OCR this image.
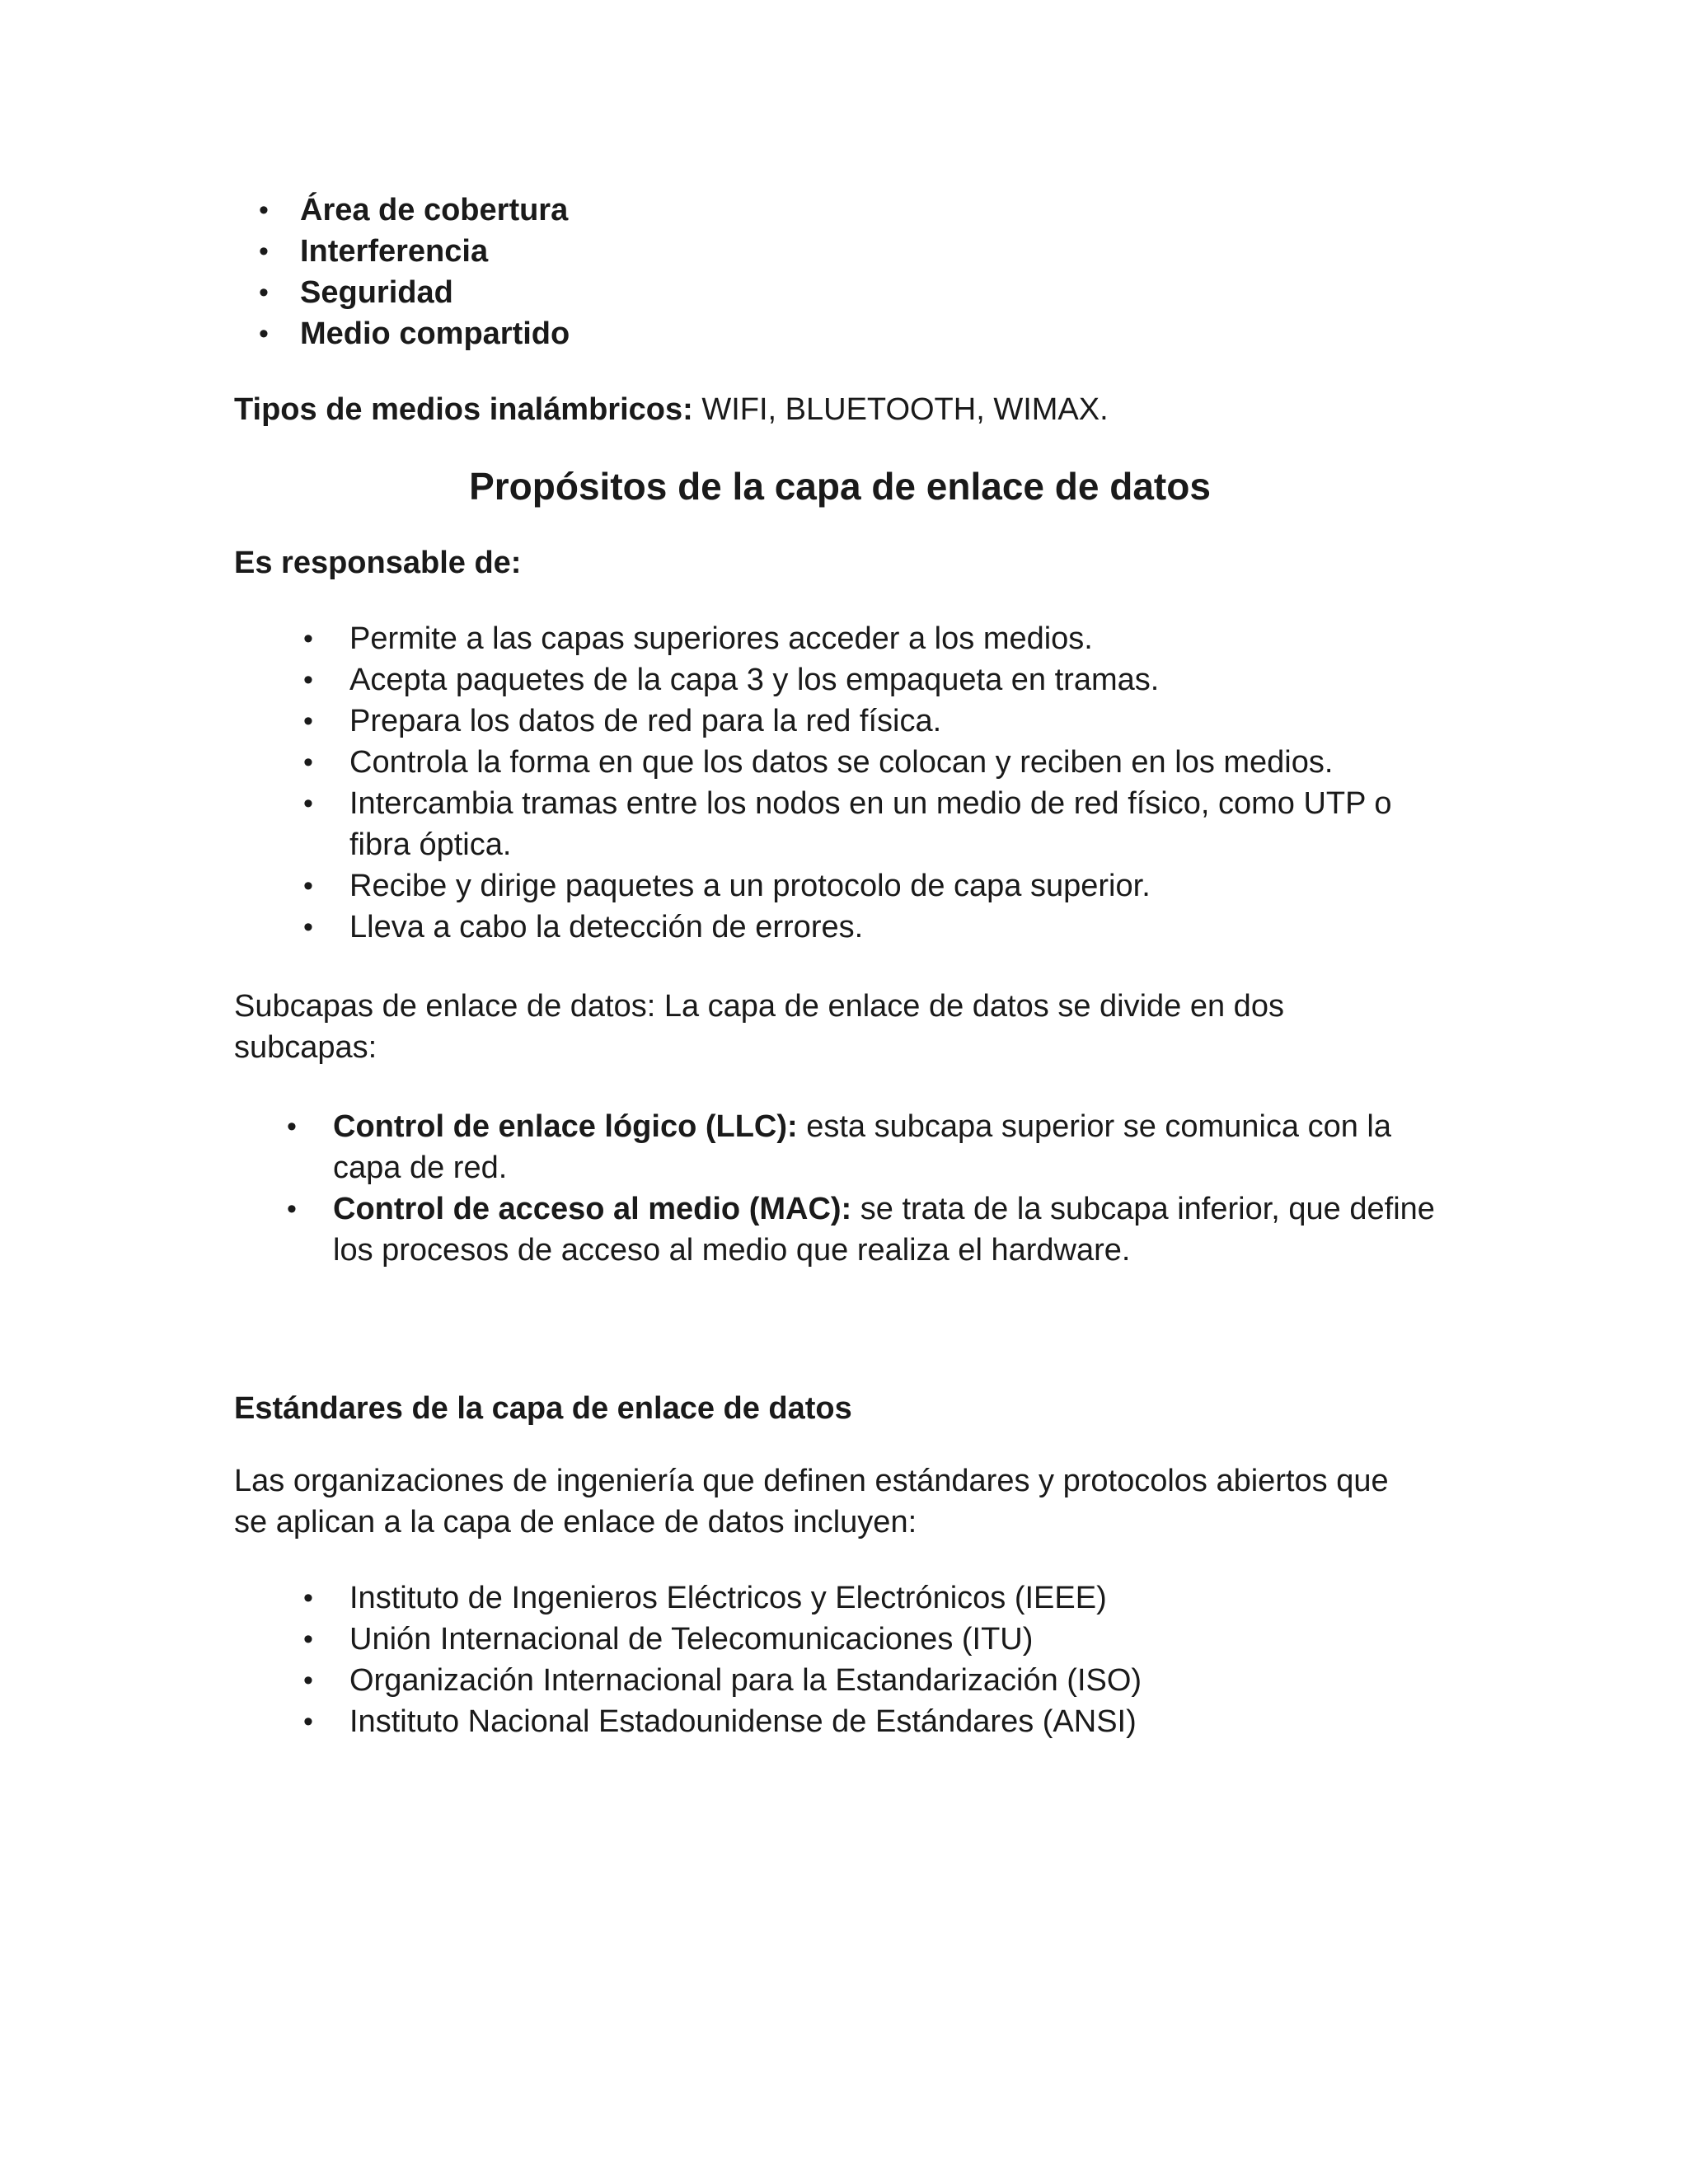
• Área de cobertura
• Interferencia
• Seguridad
• Medio compartido

Tipos de medios inalámbricos: WIFI, BLUETOOTH, WIMAX.

Propósitos de la capa de enlace de datos

Es responsable de:

• Permite a las capas superiores acceder a los medios.
• Acepta paquetes de la capa 3 y los empaqueta en tramas.
• Prepara los datos de red para la red física.
• Controla la forma en que los datos se colocan y reciben en los medios.
• Intercambia tramas entre los nodos en un medio de red físico, como UTP o fibra óptica.
• Recibe y dirige paquetes a un protocolo de capa superior.
• Lleva a cabo la detección de errores.

Subcapas de enlace de datos: La capa de enlace de datos se divide en dos subcapas:

• Control de enlace lógico (LLC): esta subcapa superior se comunica con la capa de red.
• Control de acceso al medio (MAC): se trata de la subcapa inferior, que define los procesos de acceso al medio que realiza el hardware.

Estándares de la capa de enlace de datos

Las organizaciones de ingeniería que definen estándares y protocolos abiertos que se aplican a la capa de enlace de datos incluyen:

• Instituto de Ingenieros Eléctricos y Electrónicos (IEEE)
• Unión Internacional de Telecomunicaciones (ITU)
• Organización Internacional para la Estandarización (ISO)
• Instituto Nacional Estadounidense de Estándares (ANSI)
